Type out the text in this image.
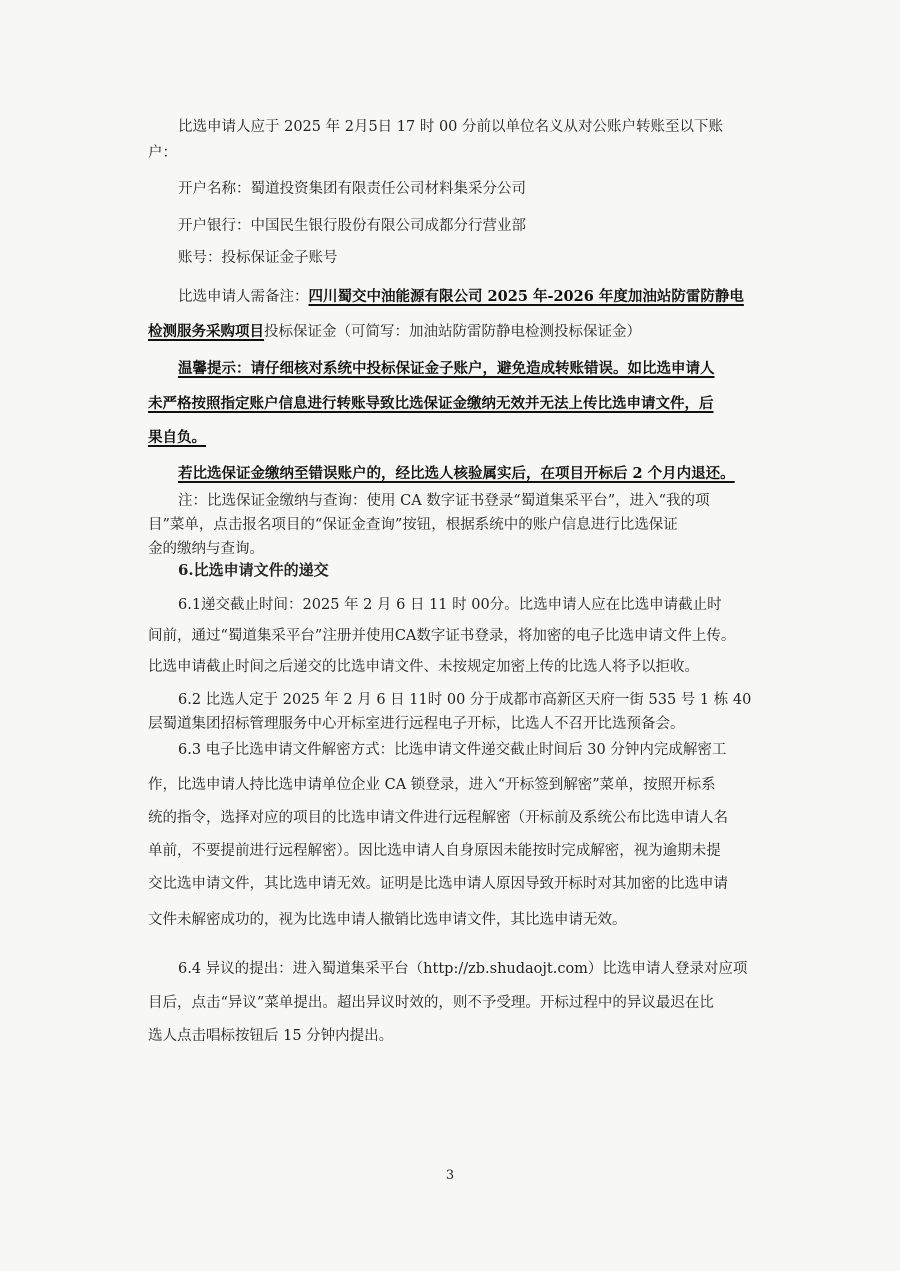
比选申请人应于 2025 年 2月5日 17 时 00 分前以单位名义从对公账户转账至以下账

户：

开户名称：蜀道投资集团有限责任公司材料集采分公司

开户银行：中国民生银行股份有限公司成都分行营业部

账号：投标保证金子账号

比选申请人需备注：四川蜀交中油能源有限公司 2025 年-2026 年度加油站防雷防静电

检测服务采购项目投标保证金（可简写：加油站防雷防静电检测投标保证金）

温馨提示：请仔细核对系统中投标保证金子账户，避免造成转账错误。如比选申请人

未严格按照指定账户信息进行转账导致比选保证金缴纳无效并无法上传比选申请文件，后

果自负。

若比选保证金缴纳至错误账户的，经比选人核验属实后，在项目开标后 2 个月内退还。

注：比选保证金缴纳与查询：使用 CA 数字证书登录“蜀道集采平台”，进入“我的项

目”菜单，点击报名项目的“保证金查询”按钮，根据系统中的账户信息进行比选保证

金的缴纳与查询。

6.比选申请文件的递交

6.1递交截止时间：2025 年 2 月 6 日 11 时 00分。比选申请人应在比选申请截止时

间前，通过“蜀道集采平台”注册并使用CA数字证书登录，将加密的电子比选申请文件上传。

比选申请截止时间之后递交的比选申请文件、未按规定加密上传的比选人将予以拒收。

6.2 比选人定于 2025 年 2 月 6 日 11时 00 分于成都市高新区天府一街 535 号 1 栋 40

层蜀道集团招标管理服务中心开标室进行远程电子开标，比选人不召开比选预备会。

6.3 电子比选申请文件解密方式：比选申请文件递交截止时间后 30 分钟内完成解密工

作，比选申请人持比选申请单位企业 CA 锁登录，进入“开标签到解密”菜单，按照开标系

统的指令，选择对应的项目的比选申请文件进行远程解密（开标前及系统公布比选申请人名

单前，不要提前进行远程解密）。因比选申请人自身原因未能按时完成解密，视为逾期未提

交比选申请文件，其比选申请无效。证明是比选申请人原因导致开标时对其加密的比选申请

文件未解密成功的，视为比选申请人撤销比选申请文件，其比选申请无效。

6.4 异议的提出：进入蜀道集采平台（http://zb.shudaojt.com）比选申请人登录对应项

目后，点击“异议”菜单提出。超出异议时效的，则不予受理。开标过程中的异议最迟在比

选人点击唱标按钮后 15 分钟内提出。

3
